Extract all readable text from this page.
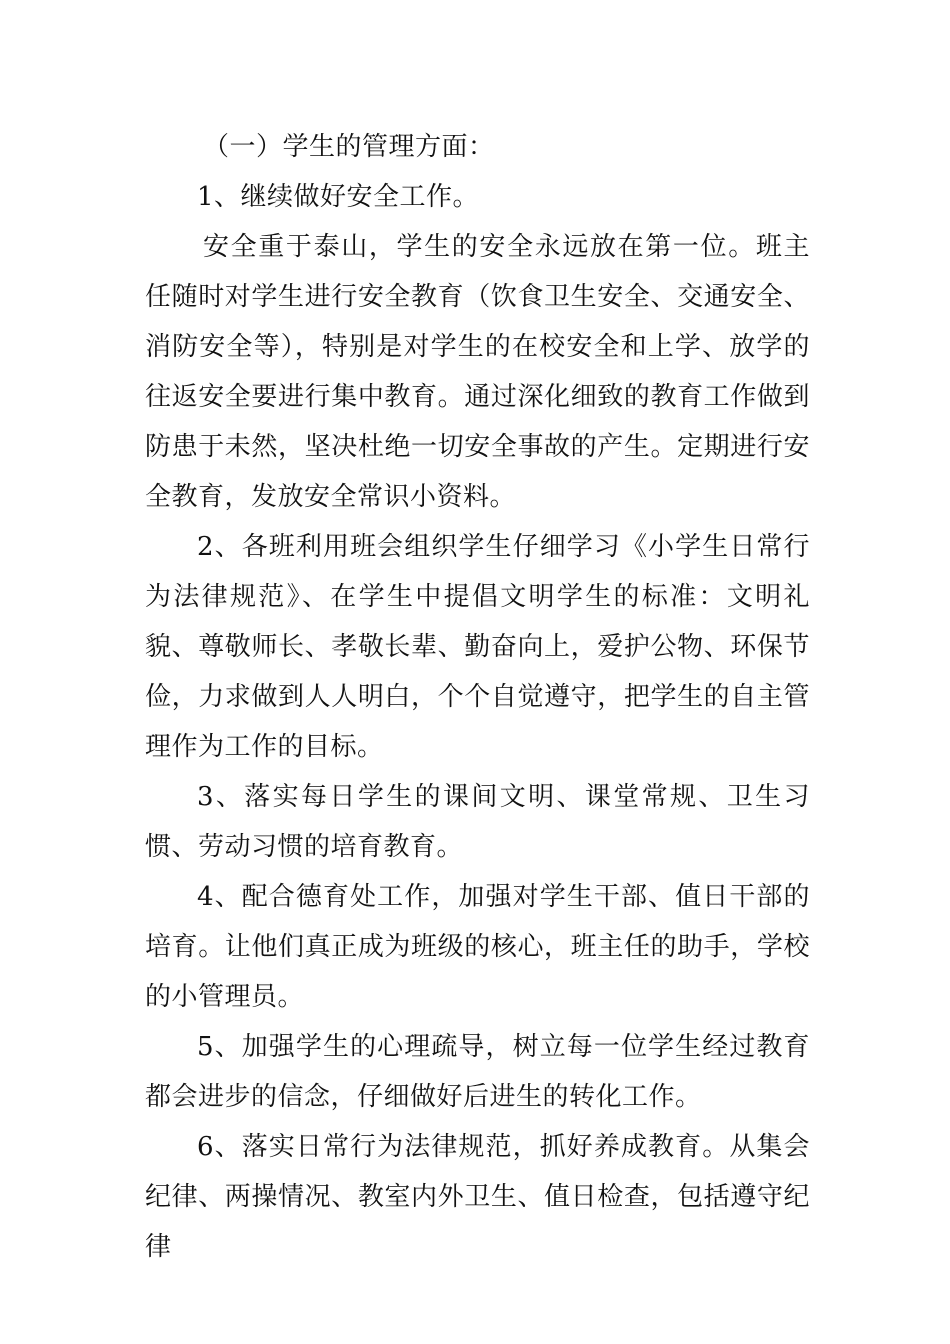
（一）学生的管理方面：

1、继续做好安全工作。

安全重于泰山，学生的安全永远放在第一位。班主任随时对学生进行安全教育（饮食卫生安全、交通安全、消防安全等），特别是对学生的在校安全和上学、放学的往返安全要进行集中教育。通过深化细致的教育工作做到防患于未然，坚决杜绝一切安全事故的产生。定期进行安全教育，发放安全常识小资料。

2、各班利用班会组织学生仔细学习《小学生日常行为法律规范》、在学生中提倡文明学生的标准：文明礼貌、尊敬师长、孝敬长辈、勤奋向上，爱护公物、环保节俭，力求做到人人明白，个个自觉遵守，把学生的自主管理作为工作的目标。

3、落实每日学生的课间文明、课堂常规、卫生习惯、劳动习惯的培育教育。

4、配合德育处工作，加强对学生干部、值日干部的培育。让他们真正成为班级的核心，班主任的助手，学校的小管理员。

5、加强学生的心理疏导，树立每一位学生经过教育都会进步的信念，仔细做好后进生的转化工作。

6、落实日常行为法律规范，抓好养成教育。从集会纪律、两操情况、教室内外卫生、值日检查，包括遵守纪律
